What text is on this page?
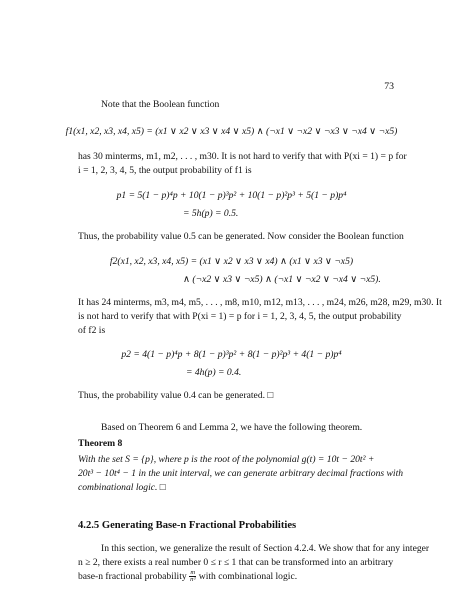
73
Note that the Boolean function
f1(x1, x2, x3, x4, x5) = (x1 ∨ x2 ∨ x3 ∨ x4 ∨ x5) ∧ (¬x1 ∨ ¬x2 ∨ ¬x3 ∨ ¬x4 ∨ ¬x5)
has 30 minterms, m1, m2, . . . , m30. It is not hard to verify that with P(xi = 1) = p for
i = 1, 2, 3, 4, 5, the output probability of f1 is
p1 = 5(1 − p)⁴p + 10(1 − p)³p² + 10(1 − p)²p³ + 5(1 − p)p⁴
= 5h(p) = 0.5.
Thus, the probability value 0.5 can be generated. Now consider the Boolean function
f2(x1, x2, x3, x4, x5) = (x1 ∨ x2 ∨ x3 ∨ x4) ∧ (x1 ∨ x3 ∨ ¬x5)
∧ (¬x2 ∨ x3 ∨ ¬x5) ∧ (¬x1 ∨ ¬x2 ∨ ¬x4 ∨ ¬x5).
It has 24 minterms, m3, m4, m5, . . . , m8, m10, m12, m13, . . . , m24, m26, m28, m29, m30. It
is not hard to verify that with P(xi = 1) = p for i = 1, 2, 3, 4, 5, the output probability
of f2 is
p2 = 4(1 − p)⁴p + 8(1 − p)³p² + 8(1 − p)²p³ + 4(1 − p)p⁴
= 4h(p) = 0.4.
Thus, the probability value 0.4 can be generated. □
Based on Theorem 6 and Lemma 2, we have the following theorem.
Theorem 8
With the set S = {p}, where p is the root of the polynomial g(t) = 10t − 20t² +
20t³ − 10t⁴ − 1 in the unit interval, we can generate arbitrary decimal fractions with
combinational logic. □
4.2.5 Generating Base-n Fractional Probabilities
In this section, we generalize the result of Section 4.2.4. We show that for any integer
n ≥ 2, there exists a real number 0 ≤ r ≤ 1 that can be transformed into an arbitrary
base-n fractional probability $\frac{m}{\text{nᵈ}}$ with combinational logic.
